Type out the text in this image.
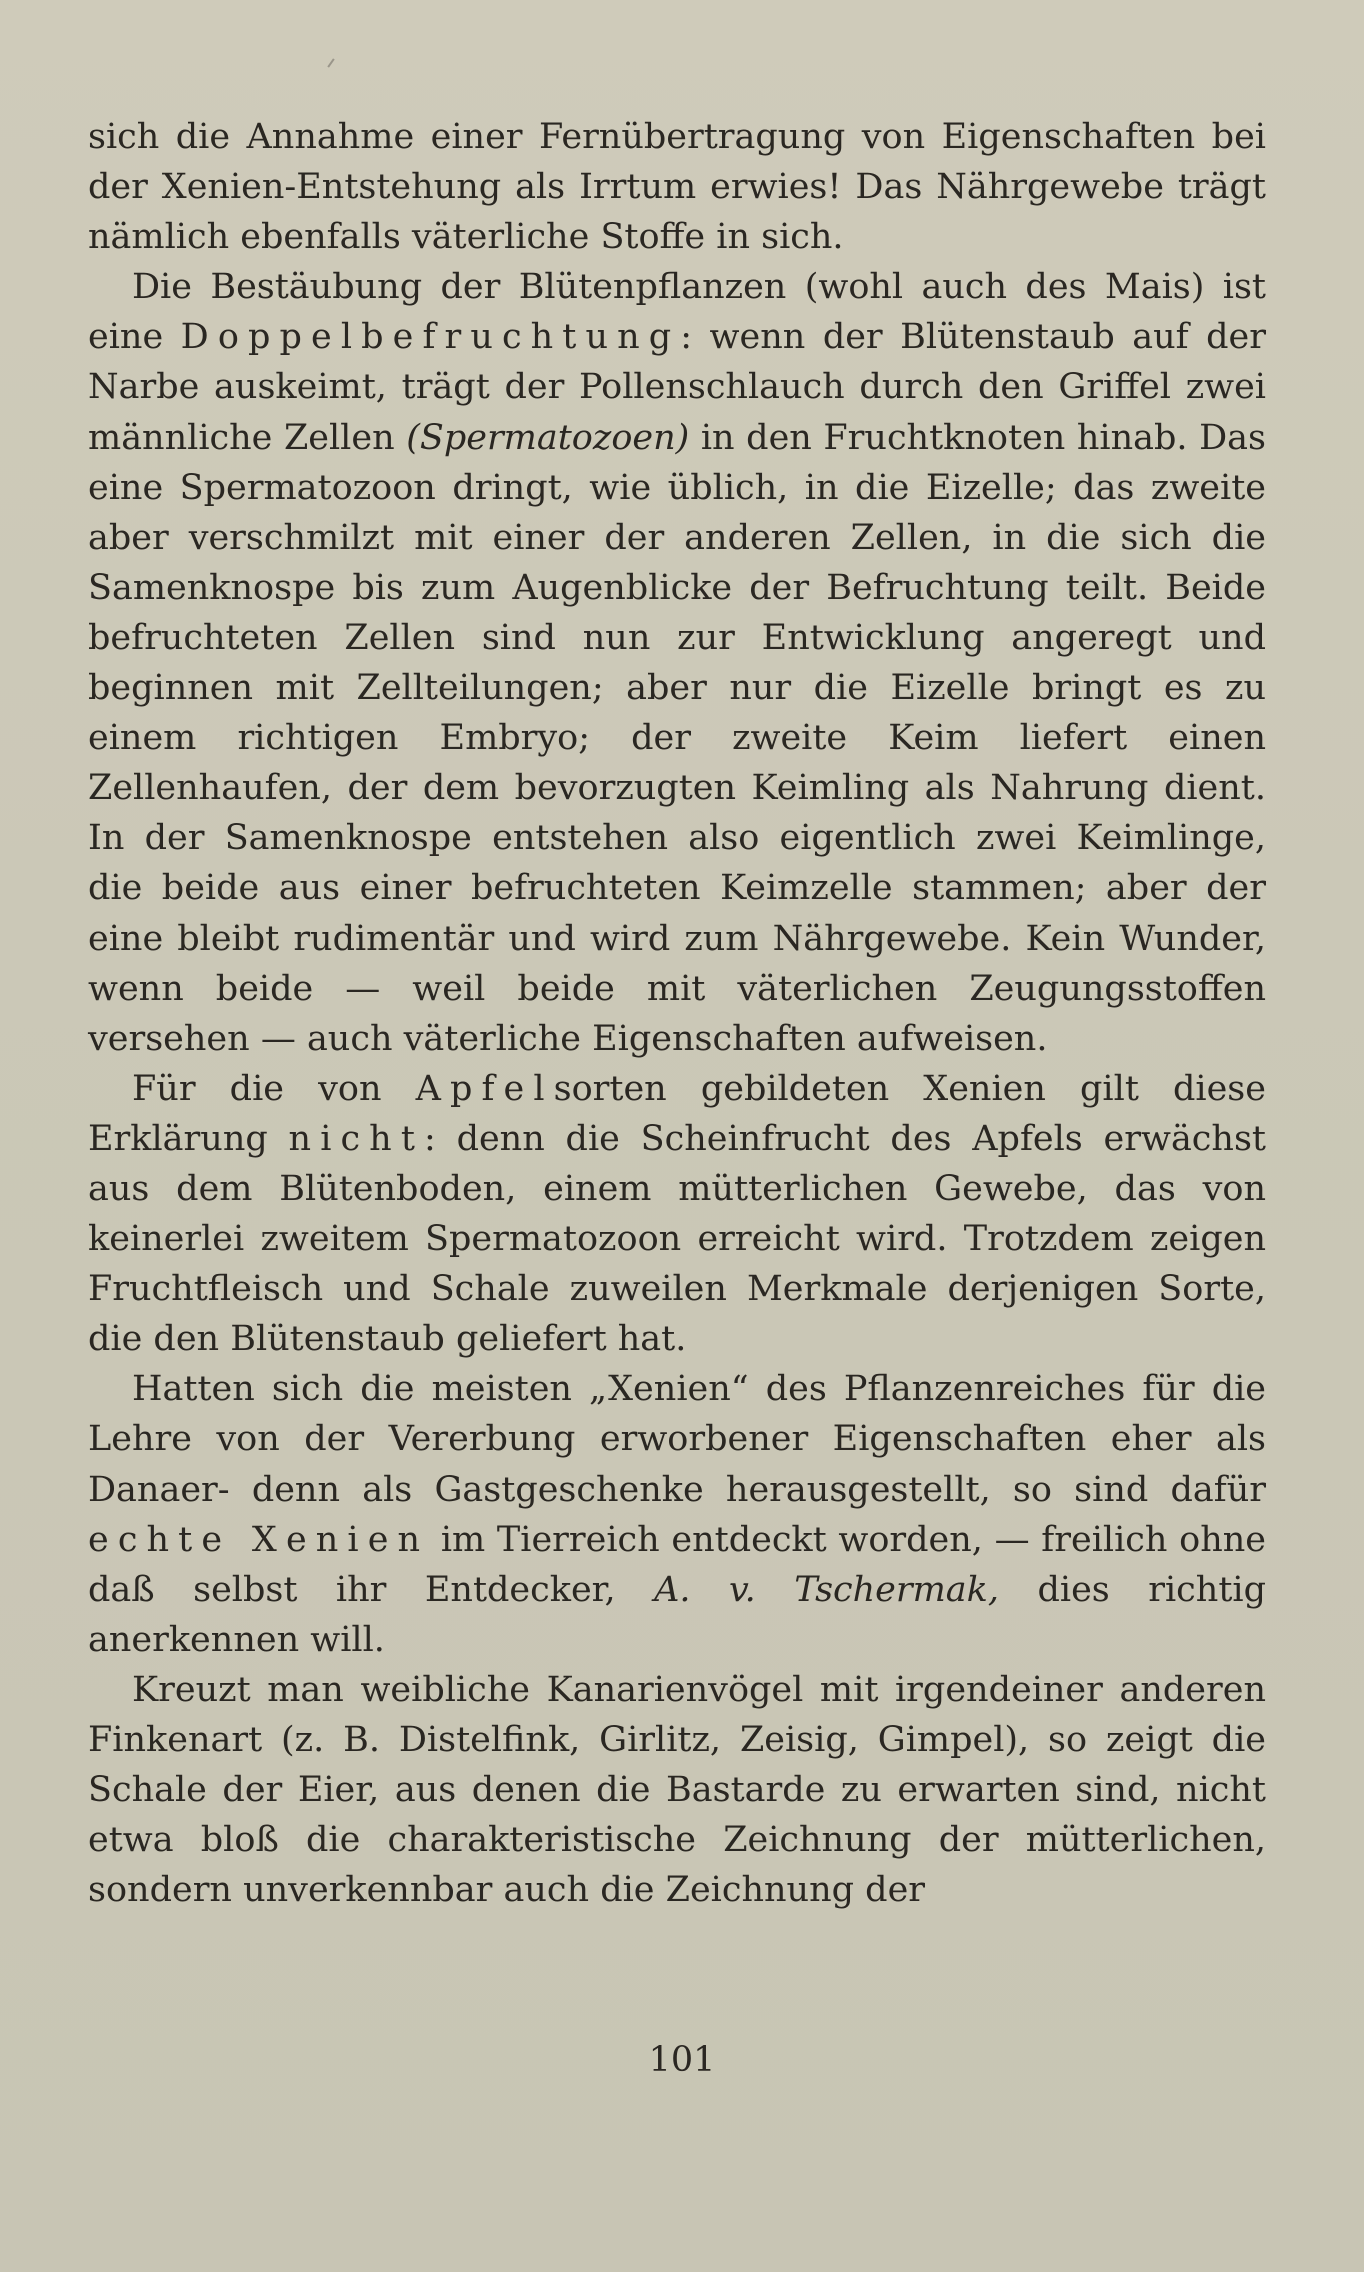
sich die Annahme einer Fernübertragung von Eigenschaften bei der Xenien-Entstehung als Irrtum erwies! Das Nährgewebe trägt nämlich ebenfalls väterliche Stoffe in sich.

Die Bestäubung der Blütenpflanzen (wohl auch des Mais) ist eine Doppelbefruchtung: wenn der Blütenstaub auf der Narbe auskeimt, trägt der Pollenschlauch durch den Griffel zwei männliche Zellen (Spermatozoen) in den Fruchtknoten hinab. Das eine Spermatozoon dringt, wie üblich, in die Eizelle; das zweite aber verschmilzt mit einer der anderen Zellen, in die sich die Samenknospe bis zum Augenblicke der Befruchtung teilt. Beide befruchteten Zellen sind nun zur Entwicklung angeregt und beginnen mit Zellteilungen; aber nur die Eizelle bringt es zu einem richtigen Embryo; der zweite Keim liefert einen Zellenhaufen, der dem bevorzugten Keimling als Nahrung dient. In der Samenknospe entstehen also eigentlich zwei Keimlinge, die beide aus einer befruchteten Keimzelle stammen; aber der eine bleibt rudimentär und wird zum Nährgewebe. Kein Wunder, wenn beide — weil beide mit väterlichen Zeugungsstoffen versehen — auch väterliche Eigenschaften aufweisen.

Für die von Apfelsorten gebildeten Xenien gilt diese Erklärung nicht: denn die Scheinfrucht des Apfels erwächst aus dem Blütenboden, einem mütterlichen Gewebe, das von keinerlei zweitem Spermatozoon erreicht wird. Trotzdem zeigen Fruchtfleisch und Schale zuweilen Merkmale derjenigen Sorte, die den Blütenstaub geliefert hat.

Hatten sich die meisten „Xenien“ des Pflanzenreiches für die Lehre von der Vererbung erworbener Eigenschaften eher als Danaer- denn als Gastgeschenke herausgestellt, so sind dafür echte Xenien im Tierreich entdeckt worden, — freilich ohne daß selbst ihr Entdecker, A. v. Tschermak, dies richtig anerkennen will.

Kreuzt man weibliche Kanarienvögel mit irgendeiner anderen Finkenart (z. B. Distelfink, Girlitz, Zeisig, Gimpel), so zeigt die Schale der Eier, aus denen die Bastarde zu erwarten sind, nicht etwa bloß die charakteristische Zeichnung der mütterlichen, sondern unverkennbar auch die Zeichnung der

101
